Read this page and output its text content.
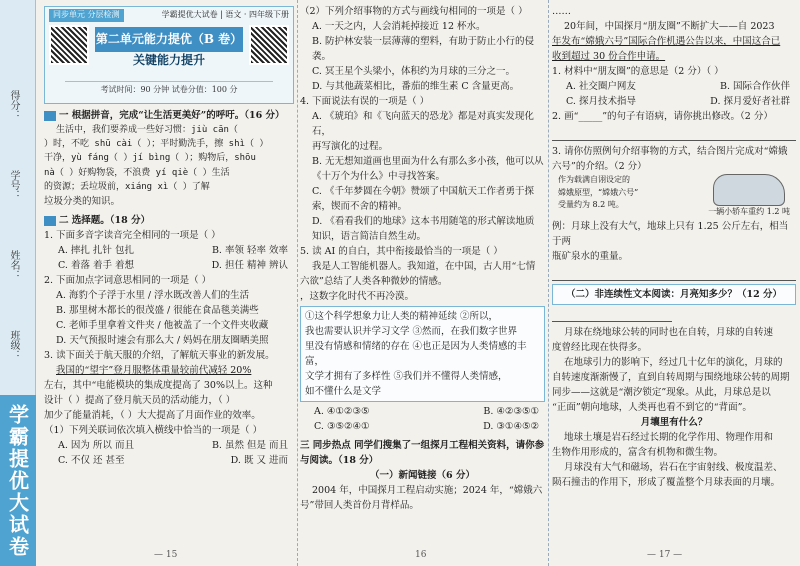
得分：
学号：
姓名：
班级：
学霸提优大试卷
同步单元 分层检测	学霸提优大试卷 | 语文 · 四年级下册
第二单元能力提优（B 卷）
关键能力提升
考试时间：90 分钟 试卷分值：100 分
一 根据拼音，完成“让生活更美好”的呼吁。（16 分）
生活中，我们要养成一些好习惯：jiù cān（
）时，不吃 shū cài（ ）；平时勤洗手，擦 shì（ ）
干净，yù fáng（ ）jí bìng（ ）；购物后，shōu
nà（ ）好购物袋，不浪费 yí qiè（ ）生活
的资源；丢垃圾前，xiáng xì（ ）了解
垃圾分类的知识。
二 选择题。（18 分）
1. 下面多音字读音完全相同的一项是（ ）
A. 摔扎 扎针 包扎	B. 率领 轻率 效率
C. 着落 着手 着想	D. 担任 精神 辨认
2. 下面加点字词意思相同的一项是（ ）
A. 海豹个子浮于水里 / 浮水既改善人们的生活
B. 那里树木都长的很茂盛 / 很能在食品毯美满些
C. 老师手里拿着文件夹 / 他被盖了一个文件夹收藏
D. 天气预报时速会有那么大 / 妈妈在朋友圈晒美照
3. 读下面关于航天服的介绍，了解航天事业的新发展。
我国的“望宇”登月服整体重量较前代减轻 20%
左右，其中“电能模块的集成度提高了 30%以上。这种
设计（ ）提高了登月航天员的活动能力，（ ）
加少了能量消耗，（ ）大大提高了月面作业的效率。
（1）下列关联词依次填入横线中恰当的一项是（ ）
A. 因为 所以 而且	B. 虽然 但是 而且
C. 不仅 还 甚至	D. 既 又 进而
— 15
（2）下列介绍事物的方式与画线句相同的一项是（ ）
A. 一天之内，人会消耗掉接近 12 杯水。
B. 防护林安装一层薄薄的塑料，有助于防止小行的侵袭。
C. 冥王星个头梁小，体积约为月球的三分之一。
D. 与其他蔬菜相比，番茄的维生素 C 含量更高。
4. 下面说法有误的一项是（ ）
A. 《琥珀》和《飞向蓝天的恐龙》都是对真实发现化石，
再写演化的过程。
B. 无无想知道画也里面为什么有那么多小孩，他可以从
《十万个为什么》中寻找答案。
C. 《千年梦圆在今朝》赞颂了中国航天工作者勇于探
索，锲而不舍的精神。
D. 《看看我们的地球》这本书用随笔的形式解读地质
知识，语言简洁自然生动。
5. 读 AI 的自白，其中衔接最恰当的一项是（ ）
我是人工智能机器人。我知道，在中国，古人用“七情
六欲”总结了人类各种微妙的情感。
，这数字化时代不再冷漠。
①这个科学想象力让人类的精神延续 ②所以，
我也需要认识并学习文学 ③然而，在我们数字世界
里没有情感和情绪的存在 ④也正是因为人类情感的丰富，
文学才拥有了多样性 ⑤我们并不懂得人类情感，
如不懂什么是文学
A. ④①②③⑤	B. ④②③⑤①
C. ③⑤②④①	D. ③①④⑤②
三 同步热点 同学们搜集了一组探月工程相关资料，请你参与阅读。（18 分）
（一）新闻链接（6 分）
2004 年，中国探月工程启动实施；2024 年，“嫦娥六
号”带回人类首份月背样品。
16
……
20年间，中国探月“朋友圈”不断扩大——自 2023
年发布“嫦娥六号”国际合作机遇公告以来，中国这合已
收到超过 30 份合作申请。
1. 材料中“朋友圈”的意思是（2 分）（ ）
A. 社交圈户网友	B. 国际合作伙伴
C. 探月技术指导	D. 探月爱好者社群
2. 画“_____”的句子有语病，请你挑出修改。（2 分）
3. 请你仿照例句介绍事物的方式，结合图片完成对“嫦娥
六号”的介绍。（2 分）
作为载满自诩设定的
嫦娥原型，“嫦娥六号”
受量约为 8.2 吨。
一辆小轿车重约 1.2 吨
例：月球上没有大气，地球上只有 1.25 公斤左右，相当于两
瓶矿泉水的重量。
（二）非连续性文本阅读：月亮知多少？（12 分）
月球在绕地球公转的同时也在自转，月球的自转速
度曾经比现在快得多。
在地球引力的影响下，经过几十亿年的演化，月球的
自转速度渐渐慢了，直到自转周期与围绕地球公转的周期
同步——这就是“潮汐锁定”现象。从此，月球总是以
“正面”朝向地球，人类再也看不到它的“背面”。
月壤里有什么？
地球土壤是岩石经过长期的化学作用、物理作用和
生物作用形成的，富含有机物和微生物。
月球没有大气和磁场，岩石在宇宙射线、极度温差、
陨石撞击的作用下，形成了覆盖整个月球表面的月壤。
— 17 —
